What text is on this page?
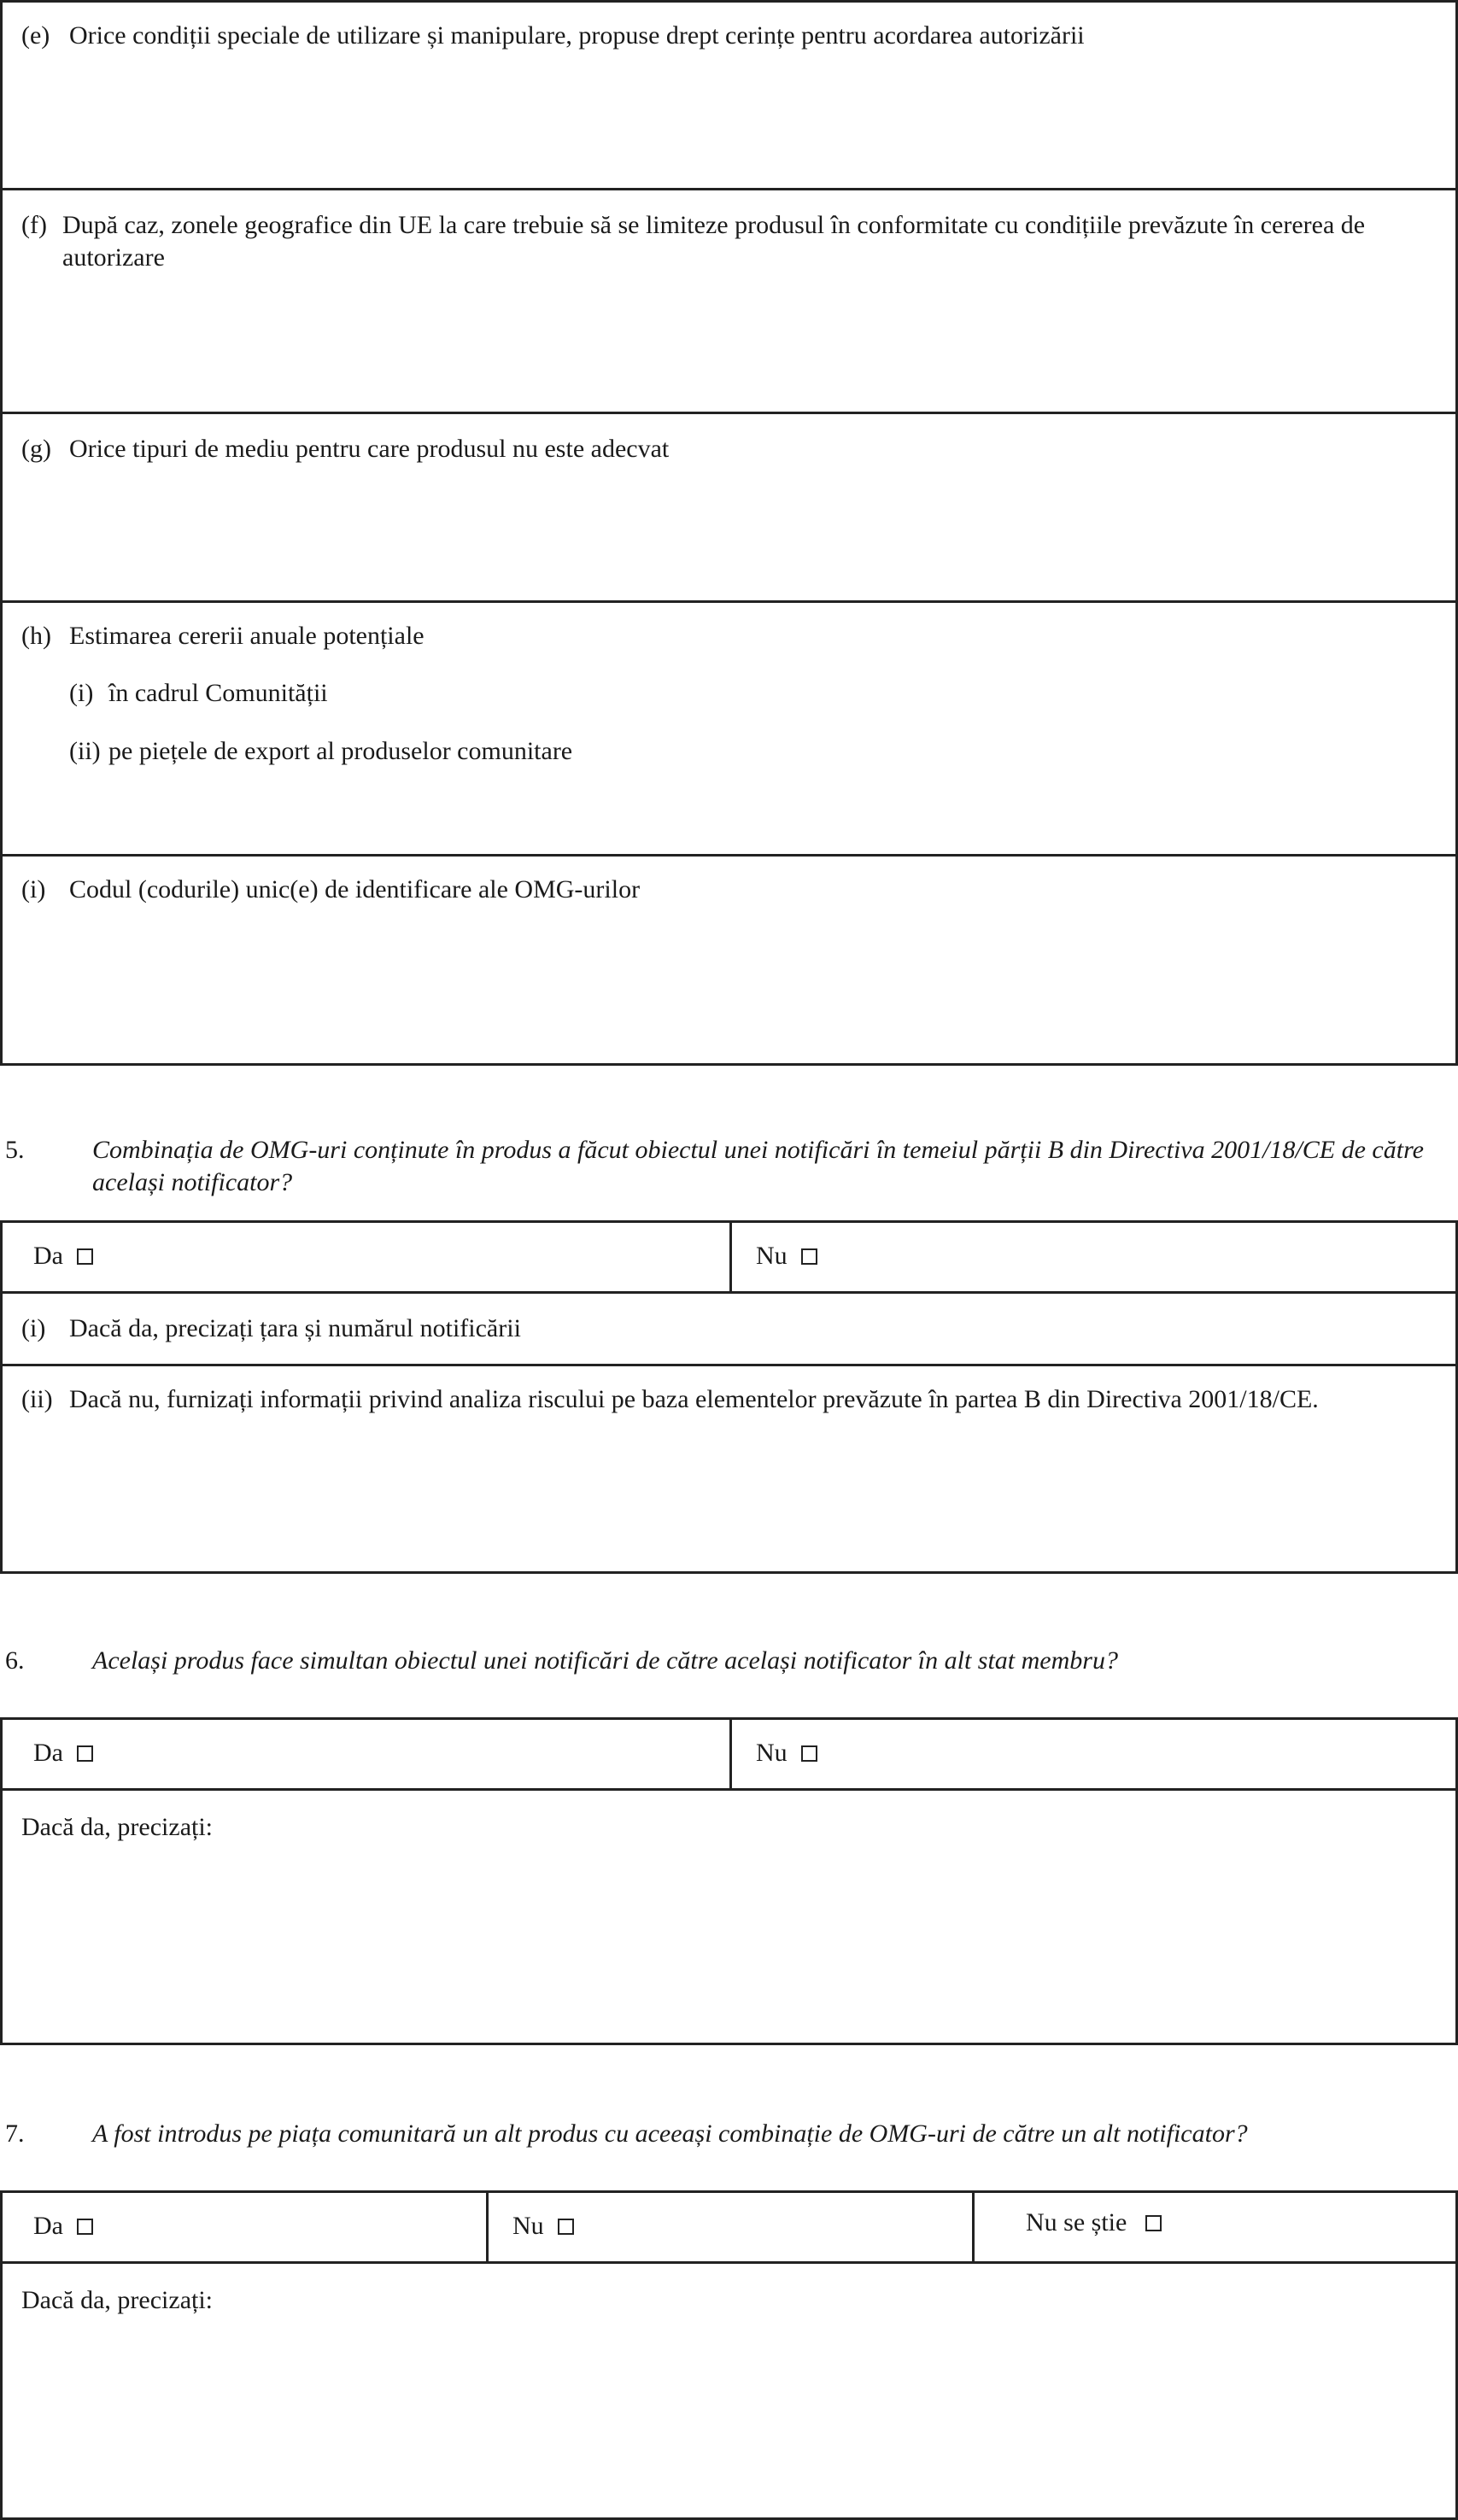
(e) Orice condiții speciale de utilizare și manipulare, propuse drept cerințe pentru acordarea autorizării
(f) După caz, zonele geografice din UE la care trebuie să se limiteze produsul în conformitate cu condițiile prevăzute în cererea de autorizare
(g) Orice tipuri de mediu pentru care produsul nu este adecvat
(h) Estimarea cererii anuale potențiale
(i) în cadrul Comunității
(ii) pe piețele de export al produselor comunitare
(i) Codul (codurile) unic(e) de identificare ale OMG-urilor
5.	Combinația de OMG-uri conținute în produs a făcut obiectul unei notificări în temeiul părții B din Directiva 2001/18/CE de către același notificator?
Da	Nu
(i) Dacă da, precizați țara și numărul notificării
(ii) Dacă nu, furnizați informații privind analiza riscului pe baza elementelor prevăzute în partea B din Directiva 2001/18/CE.
6.	Același produs face simultan obiectul unei notificări de către același notificator în alt stat membru?
Da	Nu
Dacă da, precizați:
7.	A fost introdus pe piața comunitară un alt produs cu aceeași combinație de OMG-uri de către un alt notificator?
Da	Nu	Nu se știe
Dacă da, precizați:
